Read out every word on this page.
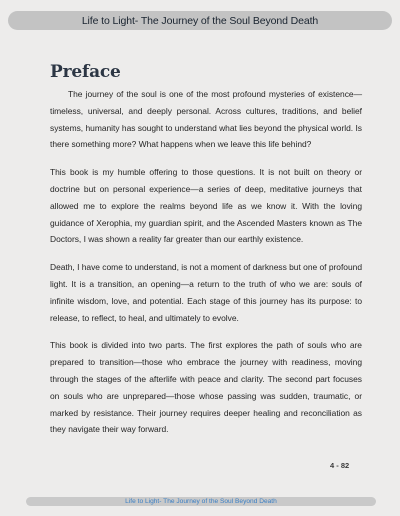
Life to Light- The Journey of the Soul Beyond Death
Preface

The journey of the soul is one of the most profound mysteries of existence—timeless, universal, and deeply personal. Across cultures, traditions, and belief systems, humanity has sought to understand what lies beyond the physical world. Is there something more? What happens when we leave this life behind?

This book is my humble offering to those questions. It is not built on theory or doctrine but on personal experience—a series of deep, meditative journeys that allowed me to explore the realms beyond life as we know it. With the loving guidance of Xerophia, my guardian spirit, and the Ascended Masters known as The Doctors, I was shown a reality far greater than our earthly existence.

Death, I have come to understand, is not a moment of darkness but one of profound light. It is a transition, an opening—a return to the truth of who we are: souls of infinite wisdom, love, and potential. Each stage of this journey has its purpose: to release, to reflect, to heal, and ultimately to evolve.

This book is divided into two parts. The first explores the path of souls who are prepared to transition—those who embrace the journey with readiness, moving through the stages of the afterlife with peace and clarity. The second part focuses on souls who are unprepared—those whose passing was sudden, traumatic, or marked by resistance. Their journey requires deeper healing and reconciliation as they navigate their way forward.

4 - 82
Life to Light- The Journey of the Soul Beyond Death
